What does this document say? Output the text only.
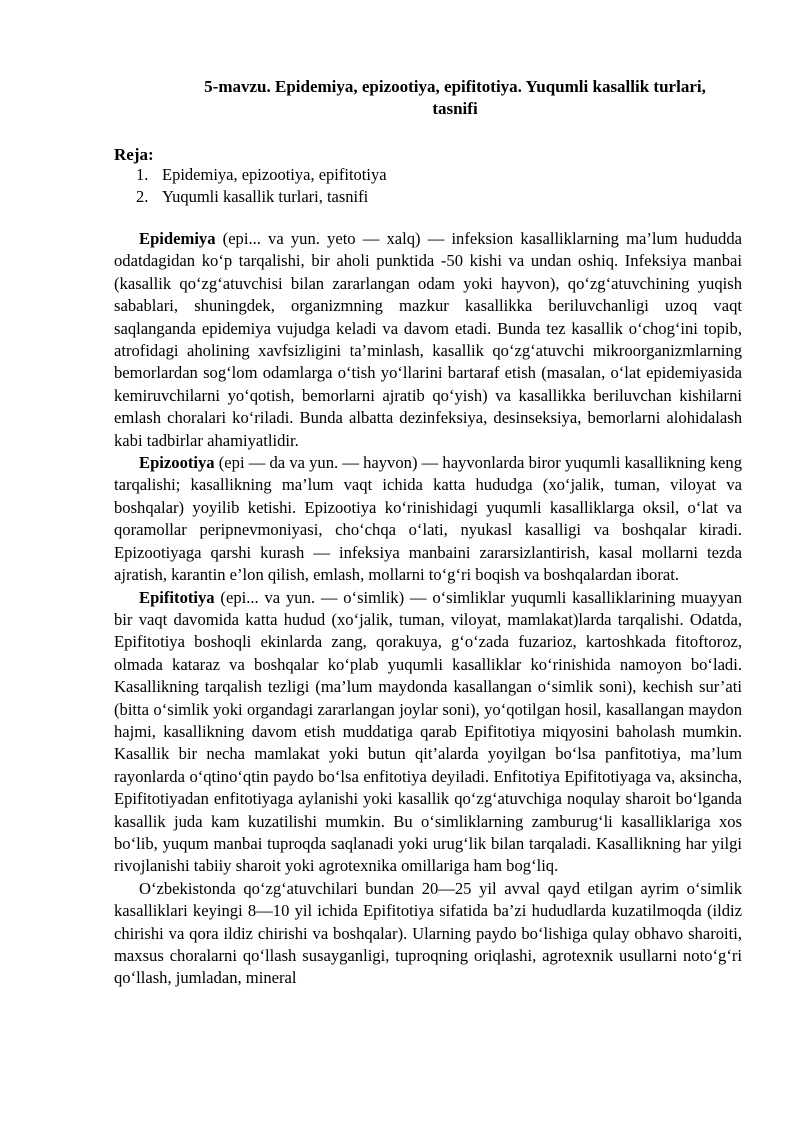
5-mavzu. Epidemiya, epizootiya, epifitotiya. Yuqumli kasallik turlari,
tasnifi

Reja:

1. Epidemiya, epizootiya, epifitotiya
2. Yuqumli kasallik turlari, tasnifi

Epidemiya (epi... va yun. yeto — xalq) — infeksion kasalliklarning ma’lum hududda odatdagidan ko‘p tarqalishi, bir aholi punktida -50 kishi va undan oshiq. Infeksiya manbai (kasallik qo‘zg‘atuvchisi bilan zararlangan odam yoki hayvon), qo‘zg‘atuvchining yuqish sabablari, shuningdek, organizmning mazkur kasallikka beriluvchanligi uzoq vaqt saqlanganda epidemiya vujudga keladi va davom etadi. Bunda tez kasallik o‘chog‘ini topib, atrofidagi aholining xavfsizligini ta’minlash, kasallik qo‘zg‘atuvchi mikroorganizmlarning bemorlardan sog‘lom odamlarga o‘tish yo‘llarini bartaraf etish (masalan, o‘lat epidemiyasida kemiruvchilarni yo‘qotish, bemorlarni ajratib qo‘yish) va kasallikka beriluvchan kishilarni emlash choralari ko‘riladi. Bunda albatta dezinfeksiya, desinseksiya, bemorlarni alohidalash kabi tadbirlar ahamiyatlidir.

Epizootiya (epi — da va yun. — hayvon) — hayvonlarda biror yuqumli kasallikning keng tarqalishi; kasallikning ma’lum vaqt ichida katta hududga (xo‘jalik, tuman, viloyat va boshqalar) yoyilib ketishi. Epizootiya ko‘rinishidagi yuqumli kasalliklarga oksil, o‘lat va qoramollar peripnevmoniyasi, cho‘chqa o‘lati, nyukasl kasalligi va boshqalar kiradi. Epizootiyaga qarshi kurash — infeksiya manbaini zararsizlantirish, kasal mollarni tezda ajratish, karantin e’lon qilish, emlash, mollarni to‘g‘ri boqish va boshqalardan iborat.

Epifitotiya (epi... va yun. — o‘simlik) — o‘simliklar yuqumli kasalliklarining muayyan bir vaqt davomida katta hudud (xo‘jalik, tuman, viloyat, mamlakat)larda tarqalishi. Odatda, Epifitotiya boshoqli ekinlarda zang, qorakuya, g‘o‘zada fuzarioz, kartoshkada fitoftoroz, olmada kataraz va boshqalar ko‘plab yuqumli kasalliklar ko‘rinishida namoyon bo‘ladi. Kasallikning tarqalish tezligi (ma’lum maydonda kasallangan o‘simlik soni), kechish sur’ati (bitta o‘simlik yoki organdagi zararlangan joylar soni), yo‘qotilgan hosil, kasallangan maydon hajmi, kasallikning davom etish muddatiga qarab Epifitotiya miqyosini baholash mumkin. Kasallik bir necha mamlakat yoki butun qit’alarda yoyilgan bo‘lsa panfitotiya, ma’lum rayonlarda o‘qtino‘qtin paydo bo‘lsa enfitotiya deyiladi. Enfitotiya Epifitotiyaga va, aksincha, Epifitotiyadan enfitotiyaga aylanishi yoki kasallik qo‘zg‘atuvchiga noqulay sharoit bo‘lganda kasallik juda kam kuzatilishi mumkin. Bu o‘simliklarning zamburug‘li kasalliklariga xos bo‘lib, yuqum manbai tuproqda saqlanadi yoki urug‘lik bilan tarqaladi. Kasallikning har yilgi rivojlanishi tabiiy sharoit yoki agrotexnika omillariga ham bog‘liq.

O‘zbekistonda qo‘zg‘atuvchilari bundan 20—25 yil avval qayd etilgan ayrim o‘simlik kasalliklari keyingi 8—10 yil ichida Epifitotiya sifatida ba’zi hududlarda kuzatilmoqda (ildiz chirishi va qora ildiz chirishi va boshqalar). Ularning paydo bo‘lishiga qulay obhavo sharoiti, maxsus choralarni qo‘llash susayganligi, tuproqning oriqlashi, agrotexnik usullarni noto‘g‘ri qo‘llash, jumladan, mineral
